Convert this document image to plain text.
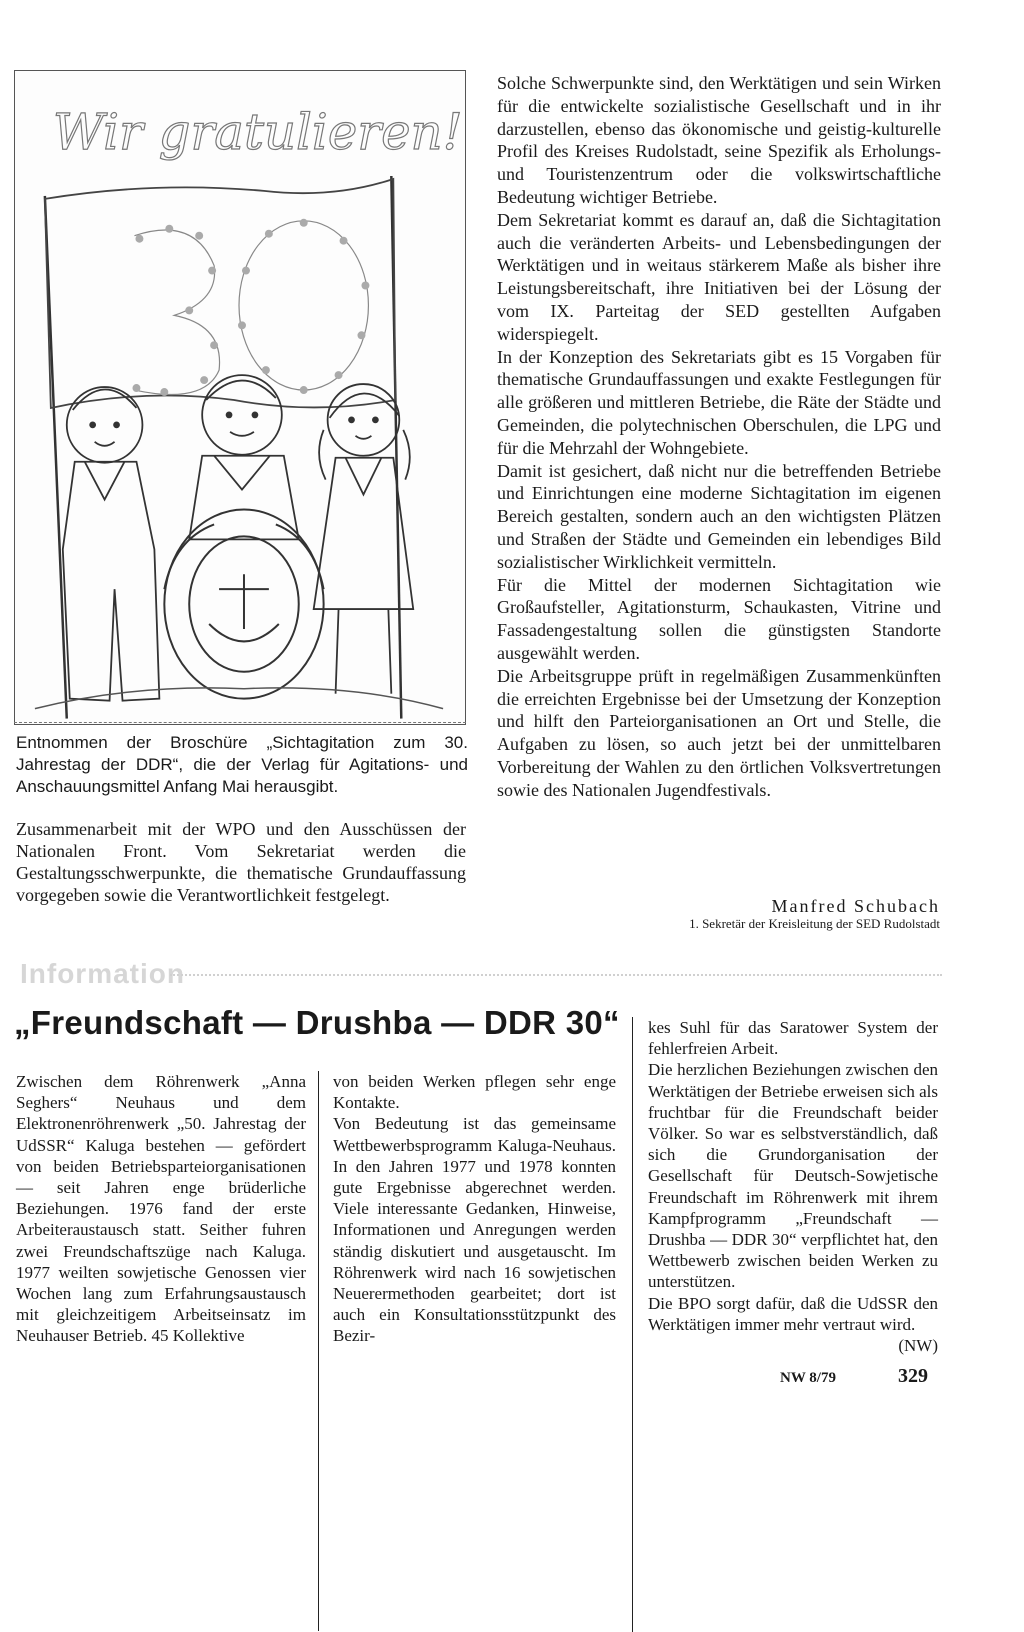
Wir gratulieren!
Entnommen der Broschüre „Sichtagitation zum 30. Jahrestag der DDR“, die der Verlag für Agitations- und Anschauungsmittel Anfang Mai herausgibt.
Zusammenarbeit mit der WPO und den Ausschüssen der Nationalen Front. Vom Sekretariat werden die Gestaltungsschwerpunkte, die thematische Grundauffassung vorgegeben sowie die Verantwortlichkeit festgelegt.

Solche Schwerpunkte sind, den Werktätigen und sein Wirken für die entwickelte sozialistische Gesellschaft und in ihr darzustellen, ebenso das ökonomische und geistig-kulturelle Profil des Kreises Rudolstadt, seine Spezifik als Erholungs- und Touristenzentrum oder die volkswirtschaftliche Bedeutung wichtiger Betriebe.

Dem Sekretariat kommt es darauf an, daß die Sichtagitation auch die veränderten Arbeits- und Lebensbedingungen der Werktätigen und in weitaus stärkerem Maße als bisher ihre Leistungsbereitschaft, ihre Initiativen bei der Lösung der vom IX. Parteitag der SED gestellten Aufgaben widerspiegelt.

In der Konzeption des Sekretariats gibt es 15 Vorgaben für thematische Grundauffassungen und exakte Festlegungen für alle größeren und mittleren Betriebe, die Räte der Städte und Gemeinden, die polytechnischen Oberschulen, die LPG und für die Mehrzahl der Wohngebiete.

Damit ist gesichert, daß nicht nur die betreffenden Betriebe und Einrichtungen eine moderne Sichtagitation im eigenen Bereich gestalten, sondern auch an den wichtigsten Plätzen und Straßen der Städte und Gemeinden ein lebendiges Bild sozialistischer Wirklichkeit vermitteln.

Für die Mittel der modernen Sichtagitation wie Großaufsteller, Agitationsturm, Schaukasten, Vitrine und Fassadengestaltung sollen die günstigsten Standorte ausgewählt werden.

Die Arbeitsgruppe prüft in regelmäßigen Zusammenkünften die erreichten Ergebnisse bei der Umsetzung der Konzeption und hilft den Parteiorganisationen an Ort und Stelle, die Aufgaben zu lösen, so auch jetzt bei der unmittelbaren Vorbereitung der Wahlen zu den örtlichen Volksvertretungen sowie des Nationalen Jugendfestivals.

Manfred Schubach
1. Sekretär der Kreisleitung der SED Rudolstadt
Information
„Freundschaft — Drushba — DDR 30“
Zwischen dem Röhrenwerk „Anna Seghers“ Neuhaus und dem Elektronenröhrenwerk „50. Jahrestag der UdSSR“ Kaluga bestehen — gefördert von beiden Betriebsparteiorganisationen — seit Jahren enge brüderliche Beziehungen. 1976 fand der erste Arbeiteraustausch statt. Seither fuhren zwei Freundschaftszüge nach Kaluga. 1977 weilten sowjetische Genossen vier Wochen lang zum Erfahrungsaustausch mit gleichzeitigem Arbeitseinsatz im Neuhauser Betrieb. 45 Kollektive
von beiden Werken pflegen sehr enge Kontakte.
Von Bedeutung ist das gemeinsame Wettbewerbsprogramm Kaluga-Neuhaus. In den Jahren 1977 und 1978 konnten gute Ergebnisse abgerechnet werden. Viele interessante Gedanken, Hinweise, Informationen und Anregungen werden ständig diskutiert und ausgetauscht. Im Röhrenwerk wird nach 16 sowjetischen Neuerermethoden gearbeitet; dort ist auch ein Konsultationsstützpunkt des Bezir-
kes Suhl für das Saratower System der fehlerfreien Arbeit.
Die herzlichen Beziehungen zwischen den Werktätigen der Betriebe erweisen sich als fruchtbar für die Freundschaft beider Völker. So war es selbstverständlich, daß sich die Grundorganisation der Gesellschaft für Deutsch-Sowjetische Freundschaft im Röhrenwerk mit ihrem Kampfprogramm „Freundschaft — Drushba — DDR 30“ verpflichtet hat, den Wettbewerb zwischen beiden Werken zu unterstützen.
Die BPO sorgt dafür, daß die UdSSR den Werktätigen immer mehr vertraut wird.
(NW)
NW 8/79	329
